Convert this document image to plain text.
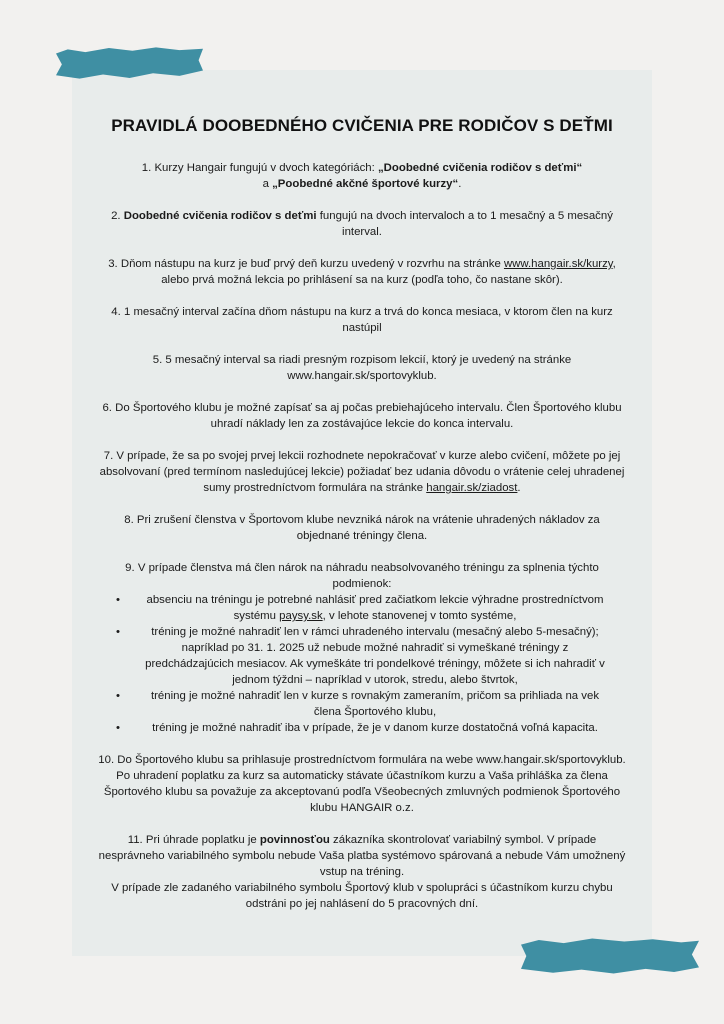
PRAVIDLÁ DOOBEDNÉHO CVIČENIA PRE RODIČOV S DEŤMI

1. Kurzy Hangair fungujú v dvoch kategóriách: „Doobedné cvičenia rodičov s deťmi“
a „Poobedné akčné športové kurzy“.

2. Doobedné cvičenia rodičov s deťmi fungujú na dvoch intervaloch a to 1 mesačný a 5 mesačný interval.

3. Dňom nástupu na kurz je buď prvý deň kurzu uvedený v rozvrhu na stránke www.hangair.sk/kurzy, alebo prvá možná lekcia po prihlásení sa na kurz (podľa toho, čo nastane skôr).

4. 1 mesačný interval začína dňom nástupu na kurz a trvá do konca mesiaca, v ktorom člen na kurz nastúpil

5. 5 mesačný interval sa riadi presným rozpisom lekcií, ktorý je uvedený na stránke www.hangair.sk/sportovyklub.

6. Do Športového klubu je možné zapísať sa aj počas prebiehajúceho intervalu. Člen Športového klubu uhradí náklady len za zostávajúce lekcie do konca intervalu.

7. V prípade, že sa po svojej prvej lekcii rozhodnete nepokračovať v kurze alebo cvičení, môžete po jej absolvovaní (pred termínom nasledujúcej lekcie) požiadať bez udania dôvodu o vrátenie celej uhradenej sumy prostredníctvom formulára na stránke hangair.sk/ziadost.

8. Pri zrušení členstva v Športovom klube nevzniká nárok na vrátenie uhradených nákladov za objednané tréningy člena.

9. V prípade členstva má člen nárok na náhradu neabsolvovaného tréningu za splnenia týchto podmienok:

• absenciu na tréningu je potrebné nahlásiť pred začiatkom lekcie výhradne prostredníctvom systému paysy.sk, v lehote stanovenej v tomto systéme,
• tréning je možné nahradiť len v rámci uhradeného intervalu (mesačný alebo 5-mesačný); napríklad po 31. 1. 2025 už nebude možné nahradiť si vymeškané tréningy z predchádzajúcich mesiacov. Ak vymeškáte tri pondelkové tréningy, môžete si ich nahradiť v jednom týždni – napríklad v utorok, stredu, alebo štvrtok,
• tréning je možné nahradiť len v kurze s rovnakým zameraním, pričom sa prihliada na vek člena Športového klubu,
• tréning je možné nahradiť iba v prípade, že je v danom kurze dostatočná voľná kapacita.

10. Do Športového klubu sa prihlasuje prostredníctvom formulára na webe www.hangair.sk/sportovyklub. Po uhradení poplatku za kurz sa automaticky stávate účastníkom kurzu a Vaša prihláška za člena Športového klubu sa považuje za akceptovanú podľa Všeobecných zmluvných podmienok Športového klubu HANGAIR o.z.

11. Pri úhrade poplatku je povinnosťou zákazníka skontrolovať variabilný symbol. V prípade nesprávneho variabilného symbolu nebude Vaša platba systémovo spárovaná a nebude Vám umožnený vstup na tréning.

V prípade zle zadaného variabilného symbolu Športový klub v spolupráci s účastníkom kurzu chybu odstráni po jej nahlásení do 5 pracovných dní.
